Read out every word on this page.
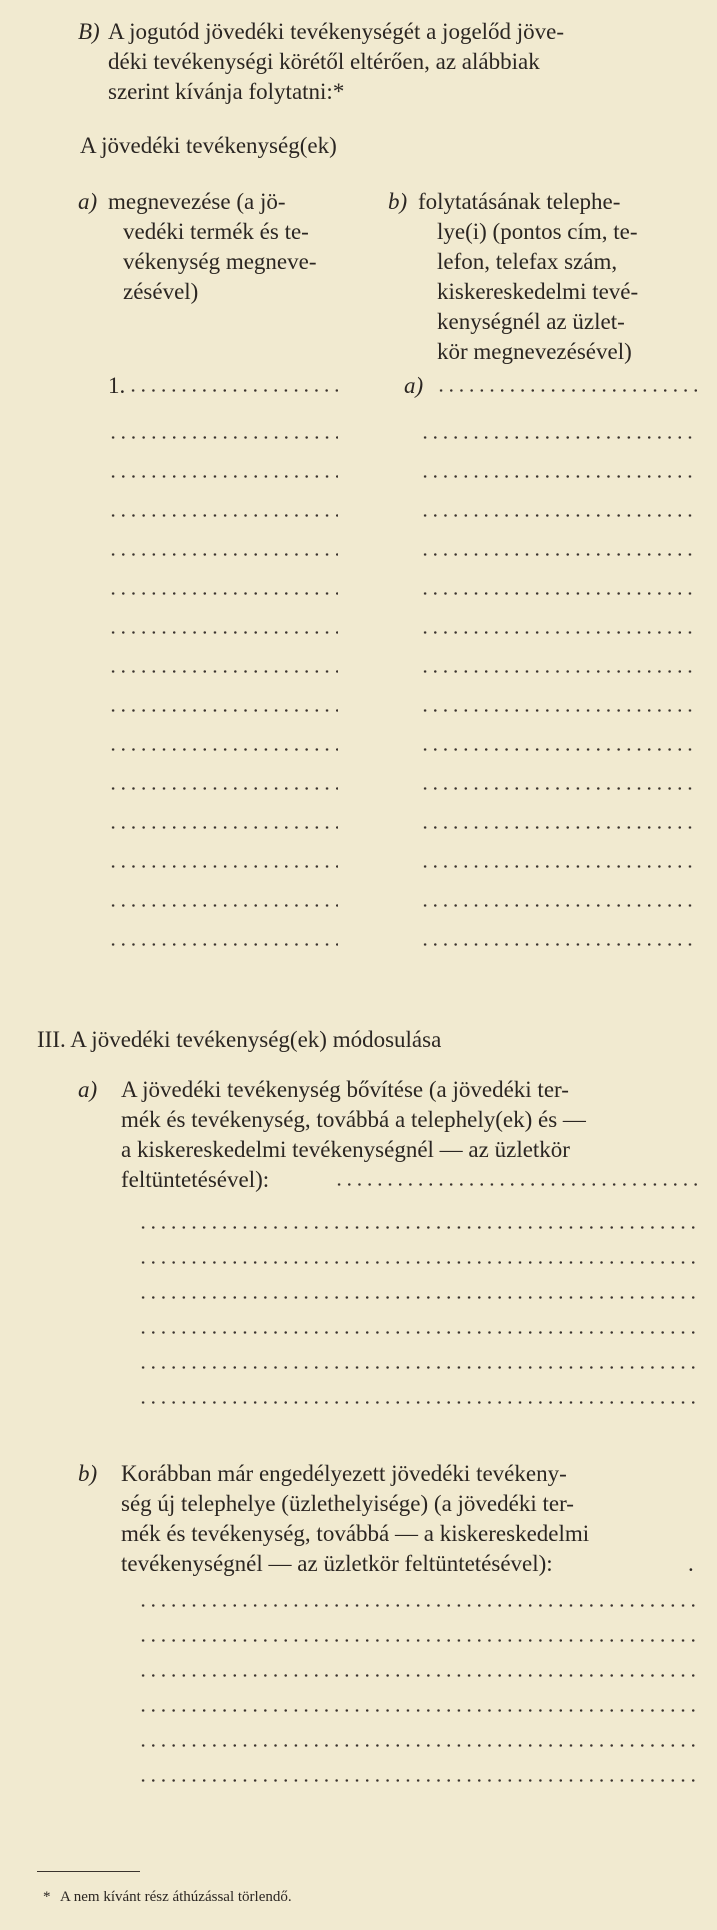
B) A jogutód jövedéki tevékenységét a jogelőd jöve-
déki tevékenységi körétől eltérően, az alábbiak
szerint kívánja folytatni:*
A jövedéki tevékenység(ek)
a) megnevezése (a jö-
vedéki termék és te-
vékenység megneve-
zésével)
b) folytatásának telephe-
lye(i) (pontos cím, te-
lefon, telefax szám,
kiskereskedelmi tevé-
kenységnél az üzlet-
kör megnevezésével)
1.	a)
III. A jövedéki tevékenység(ek) módosulása
a) A jövedéki tevékenység bővítése (a jövedéki ter-
mék és tevékenység, továbbá a telephely(ek) és —
a kiskereskedelmi tevékenységnél — az üzletkör
feltüntetésével):
b) Korábban már engedélyezett jövedéki tevékeny-
ség új telephelye (üzlethelyisége) (a jövedéki ter-
mék és tevékenység, továbbá — a kiskereskedelmi
tevékenységnél — az üzletkör feltüntetésével):	.
* A nem kívánt rész áthúzással törlendő.
